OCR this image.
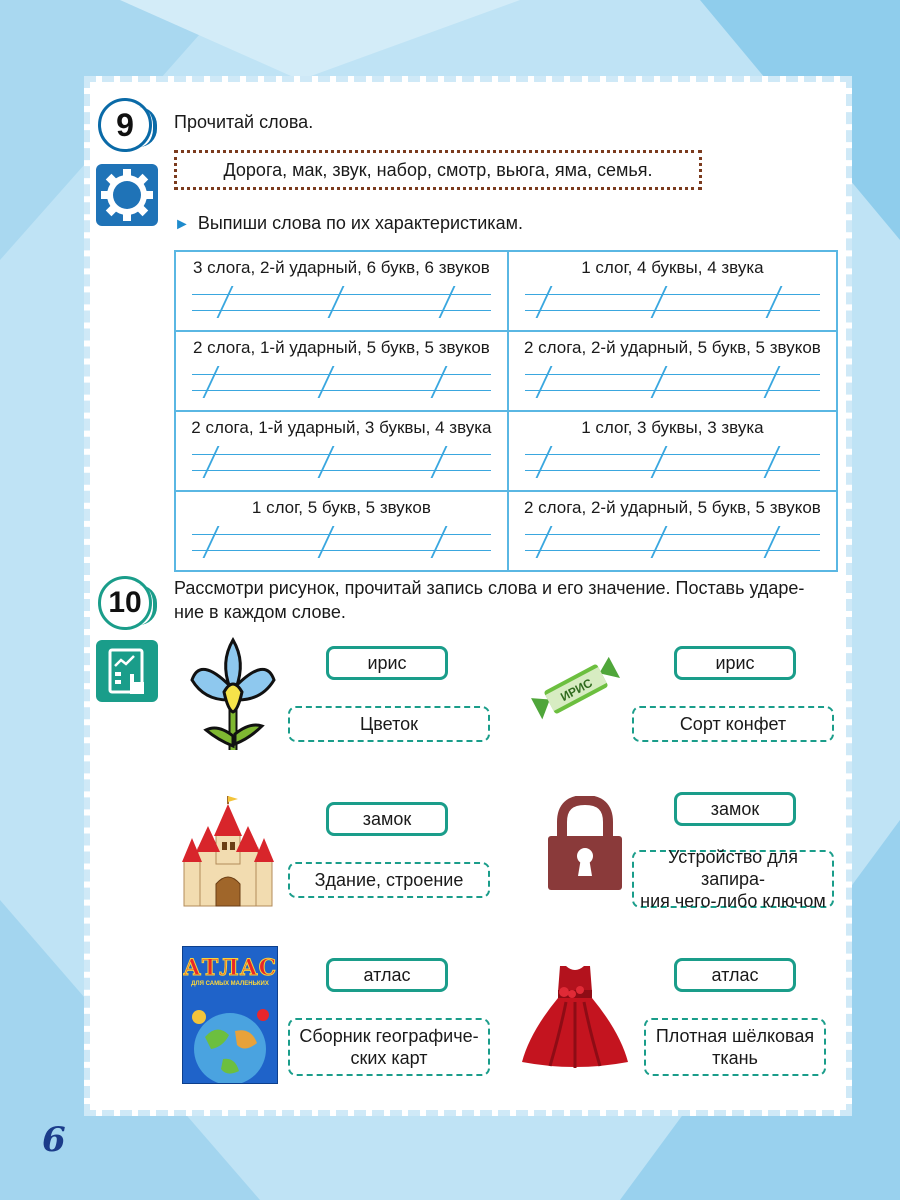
9	Прочитай слова.
Дорога, мак, звук, набор, смотр, вьюга, яма, семья.
► Выпиши слова по их характеристикам.
3 слога, 2-й ударный, 6 букв, 6 звуков	1 слог, 4 буквы, 4 звука

2 слога, 1-й ударный, 5 букв, 5 звуков	2 слога, 2-й ударный, 5 букв, 5 звуков

2 слога, 1-й ударный, 3 буквы, 4 звука	1 слог, 3 буквы, 3 звука

1 слог, 5 букв, 5 звуков	2 слога, 2-й ударный, 5 букв, 5 звуков
10	Рассмотри рисунок, прочитай запись слова и его значение. Поставь ударе-
ние в каждом слове.
ирис
Цветок
ИРИС
ирис
Сорт конфет
замок
Здание, строение
замок
Устройство для запира-
ния чего-либо ключом
АТЛАС
ДЛЯ САМЫХ МАЛЕНЬКИХ	атлас
Сборник географиче-
ских карт
атлас
Плотная шёлковая
ткань
6
